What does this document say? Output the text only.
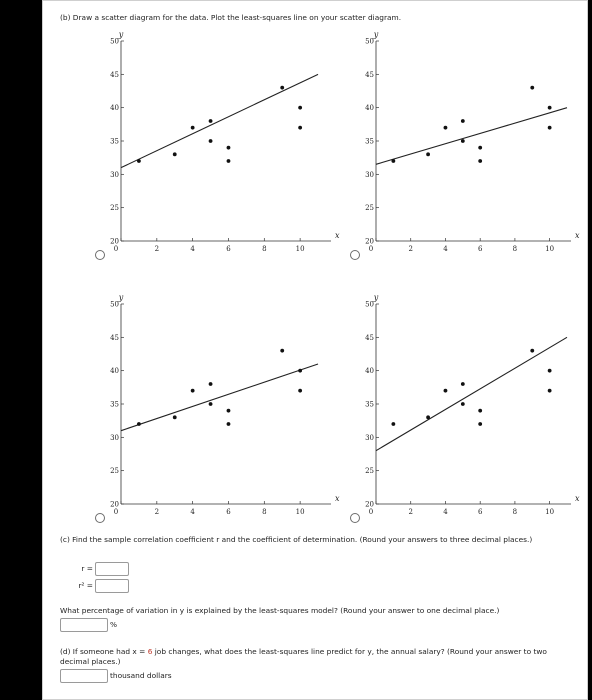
(b) Draw a scatter diagram for the data. Plot the least-squares line on your scatter diagram.
20
25
30
35
40
45
50
2	4	6	8	10
0
y
x
20
25
30
35
40
45
50
2	4	6	8	10
0
y
x
20
25
30
35
40
45
50
2	4	6	8	10
0
y
x
20
25
30
35
40
45
50
2	4	6	8	10
0
y
x
(c) Find the sample correlation coefficient r and the coefficient of determination. (Round your answers to three decimal places.)
r =
r² =
What percentage of variation in y is explained by the least-squares model? (Round your answer to one decimal place.)
%
(d) If someone had x = 6 job changes, what does the least-squares line predict for y, the annual salary? (Round your answer to two decimal places.)
thousand dollars
